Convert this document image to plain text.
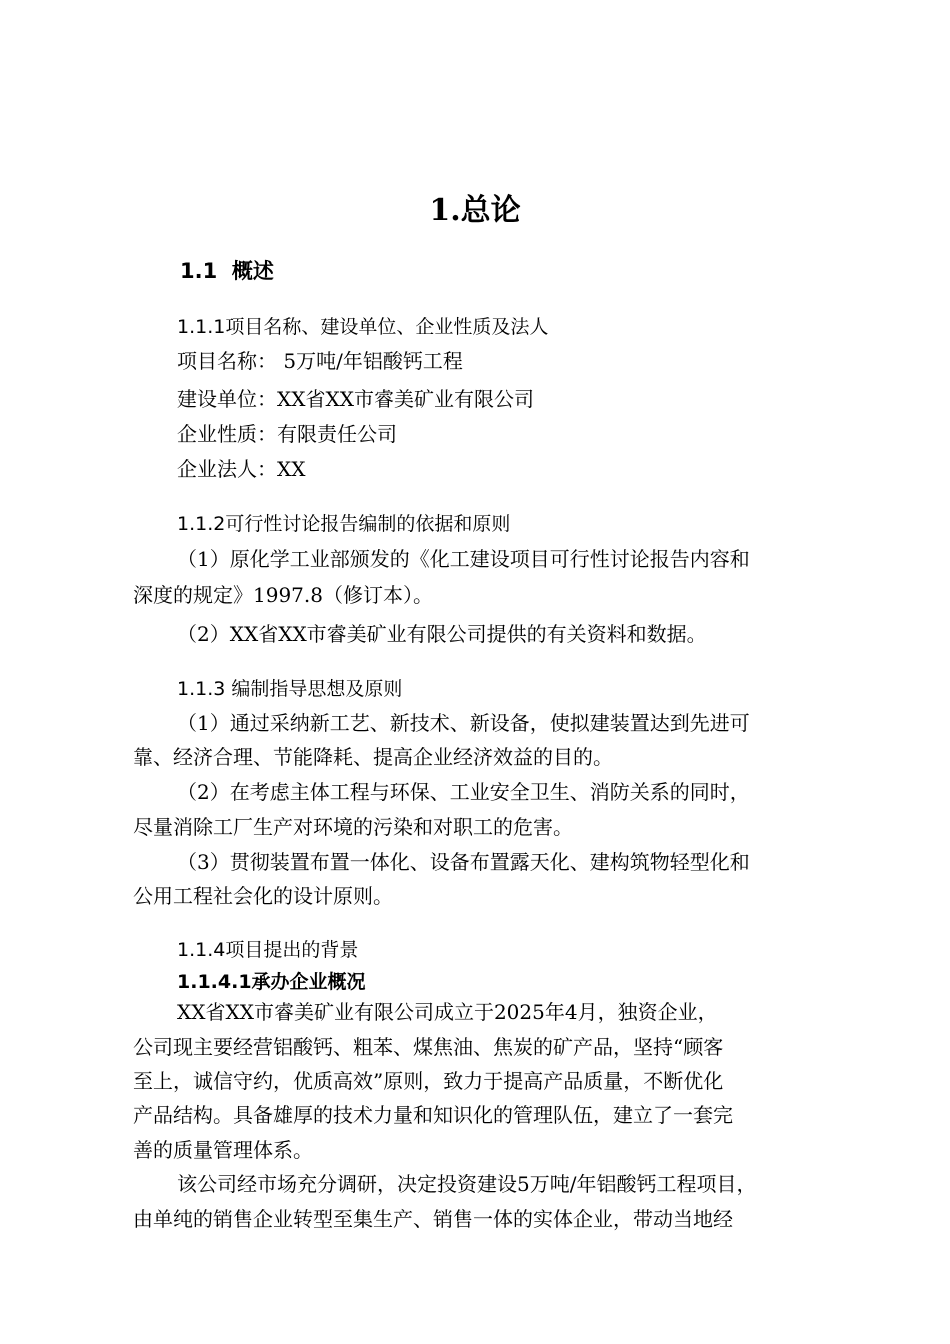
1.总论
1.1 概述
1.1.1项目名称、建设单位、企业性质及法人
项目名称： 5万吨/年铝酸钙工程
建设单位：XX省XX市睿美矿业有限公司
企业性质：有限责任公司
企业法人：XX
1.1.2可行性讨论报告编制的依据和原则
（1）原化学工业部颁发的《化工建设项目可行性讨论报告内容和
深度的规定》1997.8（修订本）。
（2）XX省XX市睿美矿业有限公司提供的有关资料和数据。
1.1.3 编制指导思想及原则
（1）通过采纳新工艺、新技术、新设备，使拟建装置达到先进可
靠、经济合理、节能降耗、提高企业经济效益的目的。
（2）在考虑主体工程与环保、工业安全卫生、消防关系的同时，
尽量消除工厂生产对环境的污染和对职工的危害。
（3）贯彻装置布置一体化、设备布置露天化、建构筑物轻型化和
公用工程社会化的设计原则。
1.1.4项目提出的背景
1.1.4.1承办企业概况
XX省XX市睿美矿业有限公司成立于2025年4月，独资企业，
公司现主要经营铝酸钙、粗苯、煤焦油、焦炭的矿产品，坚持“顾客
至上，诚信守约，优质高效”原则，致力于提高产品质量，不断优化
产品结构。具备雄厚的技术力量和知识化的管理队伍，建立了一套完
善的质量管理体系。
该公司经市场充分调研，决定投资建设5万吨/年铝酸钙工程项目，
由单纯的销售企业转型至集生产、销售一体的实体企业，带动当地经
